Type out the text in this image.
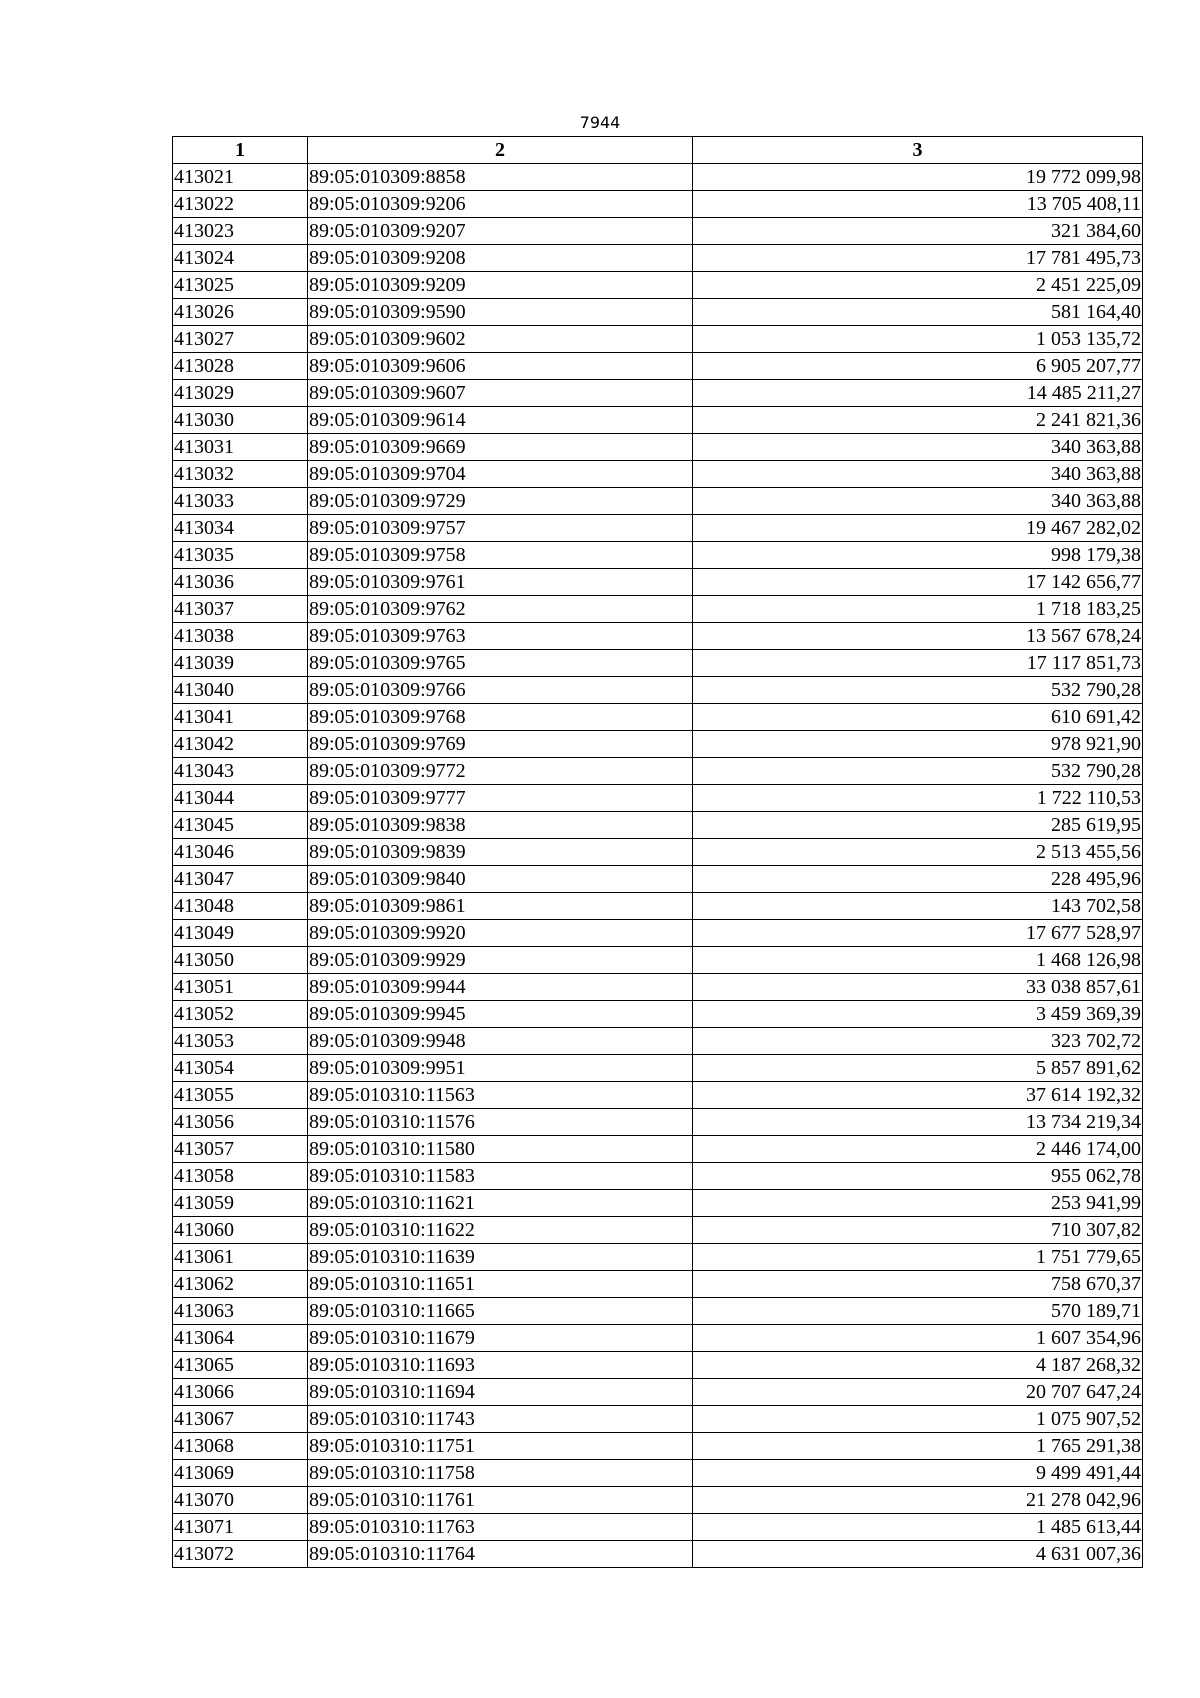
7944
1	2	3
413021	89:05:010309:8858	19 772 099,98
413022	89:05:010309:9206	13 705 408,11
413023	89:05:010309:9207	321 384,60
413024	89:05:010309:9208	17 781 495,73
413025	89:05:010309:9209	2 451 225,09
413026	89:05:010309:9590	581 164,40
413027	89:05:010309:9602	1 053 135,72
413028	89:05:010309:9606	6 905 207,77
413029	89:05:010309:9607	14 485 211,27
413030	89:05:010309:9614	2 241 821,36
413031	89:05:010309:9669	340 363,88
413032	89:05:010309:9704	340 363,88
413033	89:05:010309:9729	340 363,88
413034	89:05:010309:9757	19 467 282,02
413035	89:05:010309:9758	998 179,38
413036	89:05:010309:9761	17 142 656,77
413037	89:05:010309:9762	1 718 183,25
413038	89:05:010309:9763	13 567 678,24
413039	89:05:010309:9765	17 117 851,73
413040	89:05:010309:9766	532 790,28
413041	89:05:010309:9768	610 691,42
413042	89:05:010309:9769	978 921,90
413043	89:05:010309:9772	532 790,28
413044	89:05:010309:9777	1 722 110,53
413045	89:05:010309:9838	285 619,95
413046	89:05:010309:9839	2 513 455,56
413047	89:05:010309:9840	228 495,96
413048	89:05:010309:9861	143 702,58
413049	89:05:010309:9920	17 677 528,97
413050	89:05:010309:9929	1 468 126,98
413051	89:05:010309:9944	33 038 857,61
413052	89:05:010309:9945	3 459 369,39
413053	89:05:010309:9948	323 702,72
413054	89:05:010309:9951	5 857 891,62
413055	89:05:010310:11563	37 614 192,32
413056	89:05:010310:11576	13 734 219,34
413057	89:05:010310:11580	2 446 174,00
413058	89:05:010310:11583	955 062,78
413059	89:05:010310:11621	253 941,99
413060	89:05:010310:11622	710 307,82
413061	89:05:010310:11639	1 751 779,65
413062	89:05:010310:11651	758 670,37
413063	89:05:010310:11665	570 189,71
413064	89:05:010310:11679	1 607 354,96
413065	89:05:010310:11693	4 187 268,32
413066	89:05:010310:11694	20 707 647,24
413067	89:05:010310:11743	1 075 907,52
413068	89:05:010310:11751	1 765 291,38
413069	89:05:010310:11758	9 499 491,44
413070	89:05:010310:11761	21 278 042,96
413071	89:05:010310:11763	1 485 613,44
413072	89:05:010310:11764	4 631 007,36
